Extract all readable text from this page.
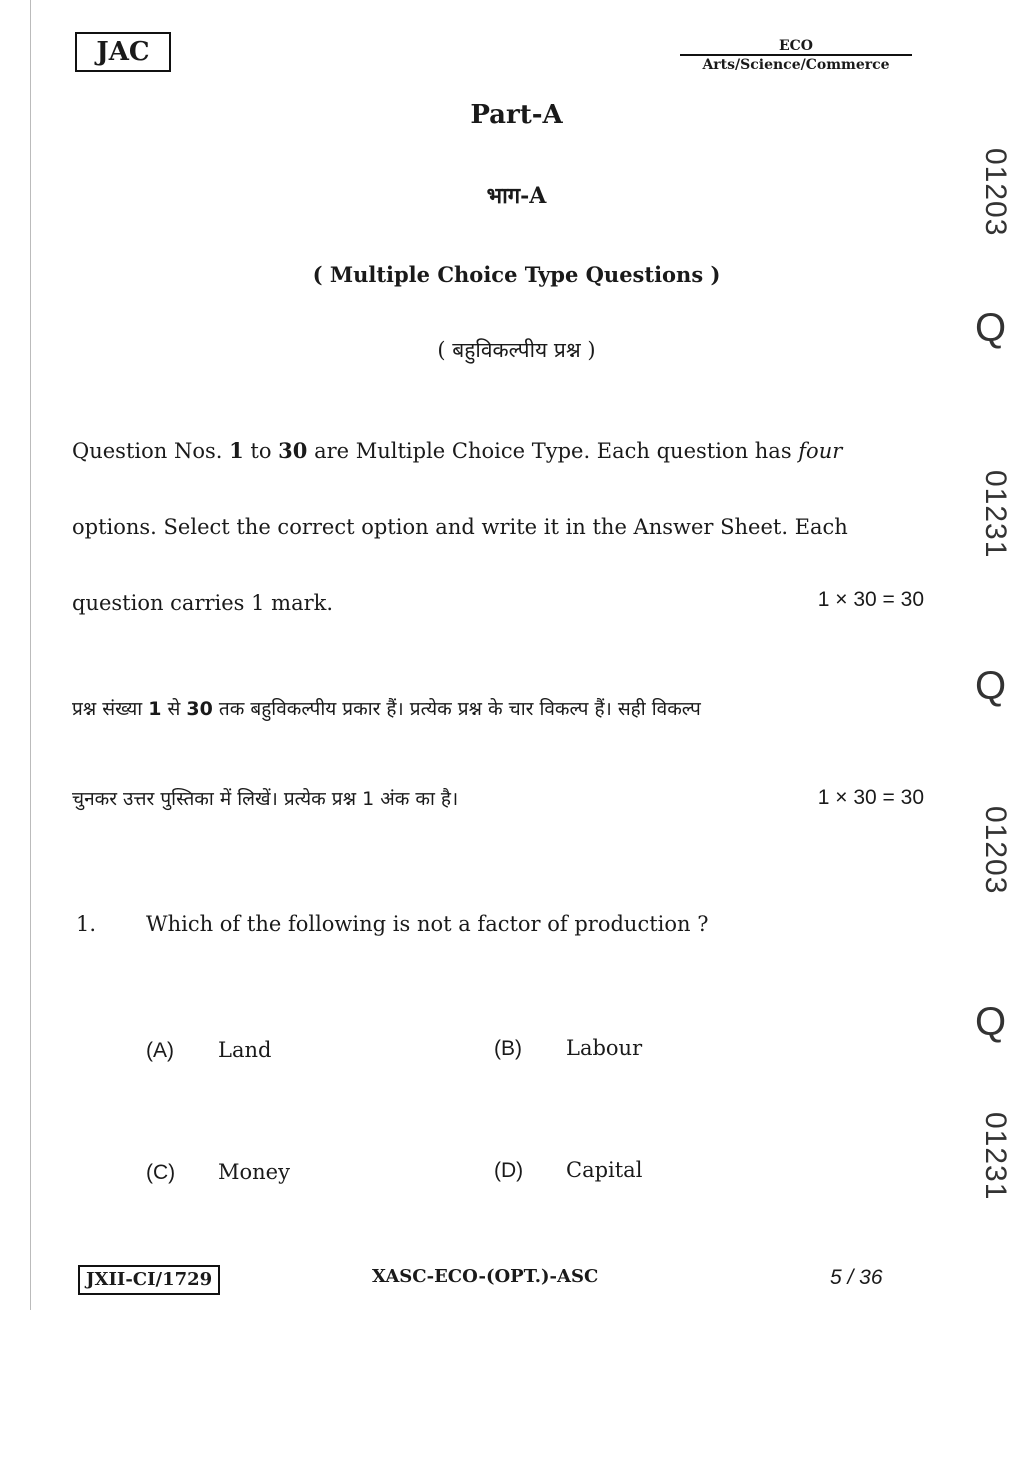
JAC	ECO
Arts/Science/Commerce
Part-A
भाग-A
( Multiple Choice Type Questions )
( बहुविकल्पीय प्रश्न )
Question Nos. 1 to 30 are Multiple Choice Type. Each question has four
options. Select the correct option and write it in the Answer Sheet. Each
question carries 1 mark.	1 × 30 = 30
प्रश्न संख्या 1 से 30 तक बहुविकल्पीय प्रकार हैं। प्रत्येक प्रश्न के चार विकल्प हैं। सही विकल्प
चुनकर उत्तर पुस्तिका में लिखें। प्रत्येक प्रश्न 1 अंक का है।	1 × 30 = 30
1. Which of the following is not a factor of production ?
(A) Land	(B) Labour
(C) Money	(D) Capital
01203
Q
01231
Q
01203
Q
01231
JXII-CI/1729	XASC-ECO-(OPT.)-ASC	5 / 36
